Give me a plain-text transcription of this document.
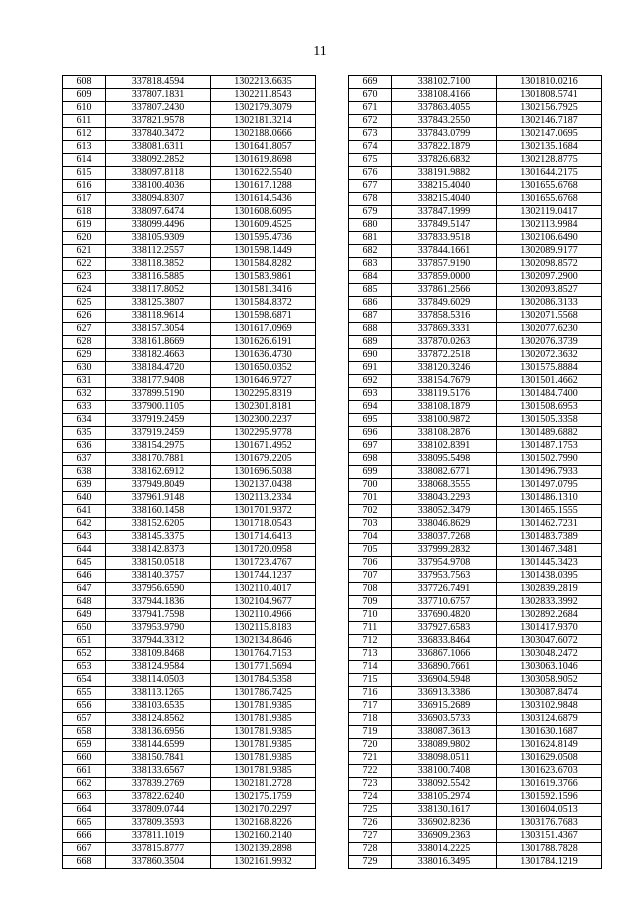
11
608	337818.4594	1302213.6635
609	337807.1831	1302211.8543
610	337807.2430	1302179.3079
611	337821.9578	1302181.3214
612	337840.3472	1302188.0666
613	338081.6311	1301641.8057
614	338092.2852	1301619.8698
615	338097.8118	1301622.5540
616	338100.4036	1301617.1288
617	338094.8307	1301614.5436
618	338097.6474	1301608.6095
619	338099.4496	1301609.4525
620	338105.9309	1301595.4736
621	338112.2557	1301598.1449
622	338118.3852	1301584.8282
623	338116.5885	1301583.9861
624	338117.8052	1301581.3416
625	338125.3807	1301584.8372
626	338118.9614	1301598.6871
627	338157.3054	1301617.0969
628	338161.8669	1301626.6191
629	338182.4663	1301636.4730
630	338184.4720	1301650.0352
631	338177.9408	1301646.9727
632	337899.5190	1302295.8319
633	337900.1105	1302301.8181
634	337919.2459	1302300.2237
635	337919.2459	1302295.9778
636	338154.2975	1301671.4952
637	338170.7881	1301679.2205
638	338162.6912	1301696.5038
639	337949.8049	1302137.0438
640	337961.9148	1302113.2334
641	338160.1458	1301701.9372
642	338152.6205	1301718.0543
643	338145.3375	1301714.6413
644	338142.8373	1301720.0958
645	338150.0518	1301723.4767
646	338140.3757	1301744.1237
647	337956.6590	1302110.4017
648	337944.1836	1302104.9677
649	337941.7598	1302110.4966
650	337953.9790	1302115.8183
651	337944.3312	1302134.8646
652	338109.8468	1301764.7153
653	338124.9584	1301771.5694
654	338114.0503	1301784.5358
655	338113.1265	1301786.7425
656	338103.6535	1301781.9385
657	338124.8562	1301781.9385
658	338136.6956	1301781.9385
659	338144.6599	1301781.9385
660	338150.7841	1301781.9385
661	338133.6567	1301781.9385
662	337839.2769	1302181.2728
663	337822.6240	1302175.1759
664	337809.0744	1302170.2297
665	337809.3593	1302168.8226
666	337811.1019	1302160.2140
667	337815.8777	1302139.2898
668	337860.3504	1302161.9932
669	338102.7100	1301810.0216
670	338108.4166	1301808.5741
671	337863.4055	1302156.7925
672	337843.2550	1302146.7187
673	337843.0799	1302147.0695
674	337822.1879	1302135.1684
675	337826.6832	1302128.8775
676	338191.9882	1301644.2175
677	338215.4040	1301655.6768
678	338215.4040	1301655.6768
679	337847.1999	1302119.0417
680	337849.5147	1302113.9984
681	337833.9518	1302106.6490
682	337844.1661	1302089.9177
683	337857.9190	1302098.8572
684	337859.0000	1302097.2900
685	337861.2566	1302093.8527
686	337849.6029	1302086.3133
687	337858.5316	1302071.5568
688	337869.3331	1302077.6230
689	337870.0263	1302076.3739
690	337872.2518	1302072.3632
691	338120.3246	1301575.8884
692	338154.7679	1301501.4662
693	338119.5176	1301484.7400
694	338108.1879	1301508.6953
695	338100.9872	1301505.3358
696	338108.2876	1301489.6882
697	338102.8391	1301487.1753
698	338095.5498	1301502.7990
699	338082.6771	1301496.7933
700	338068.3555	1301497.0795
701	338043.2293	1301486.1310
702	338052.3479	1301465.1555
703	338046.8629	1301462.7231
704	338037.7268	1301483.7389
705	337999.2832	1301467.3481
706	337954.9708	1301445.3423
707	337953.7563	1301438.0395
708	337726.7491	1302839.2819
709	337710.6757	1302833.3992
710	337690.4820	1302892.2684
711	337927.6583	1301417.9370
712	336833.8464	1303047.6072
713	336867.1066	1303048.2472
714	336890.7661	1303063.1046
715	336904.5948	1303058.9052
716	336913.3386	1303087.8474
717	336915.2689	1303102.9848
718	336903.5733	1303124.6879
719	338087.3613	1301630.1687
720	338089.9802	1301624.8149
721	338098.0511	1301629.0508
722	338100.7408	1301623.6703
723	338092.5542	1301619.3766
724	338105.2974	1301592.1596
725	338130.1617	1301604.0513
726	336902.8236	1303176.7683
727	336909.2363	1303151.4367
728	338014.2225	1301788.7828
729	338016.3495	1301784.1219
